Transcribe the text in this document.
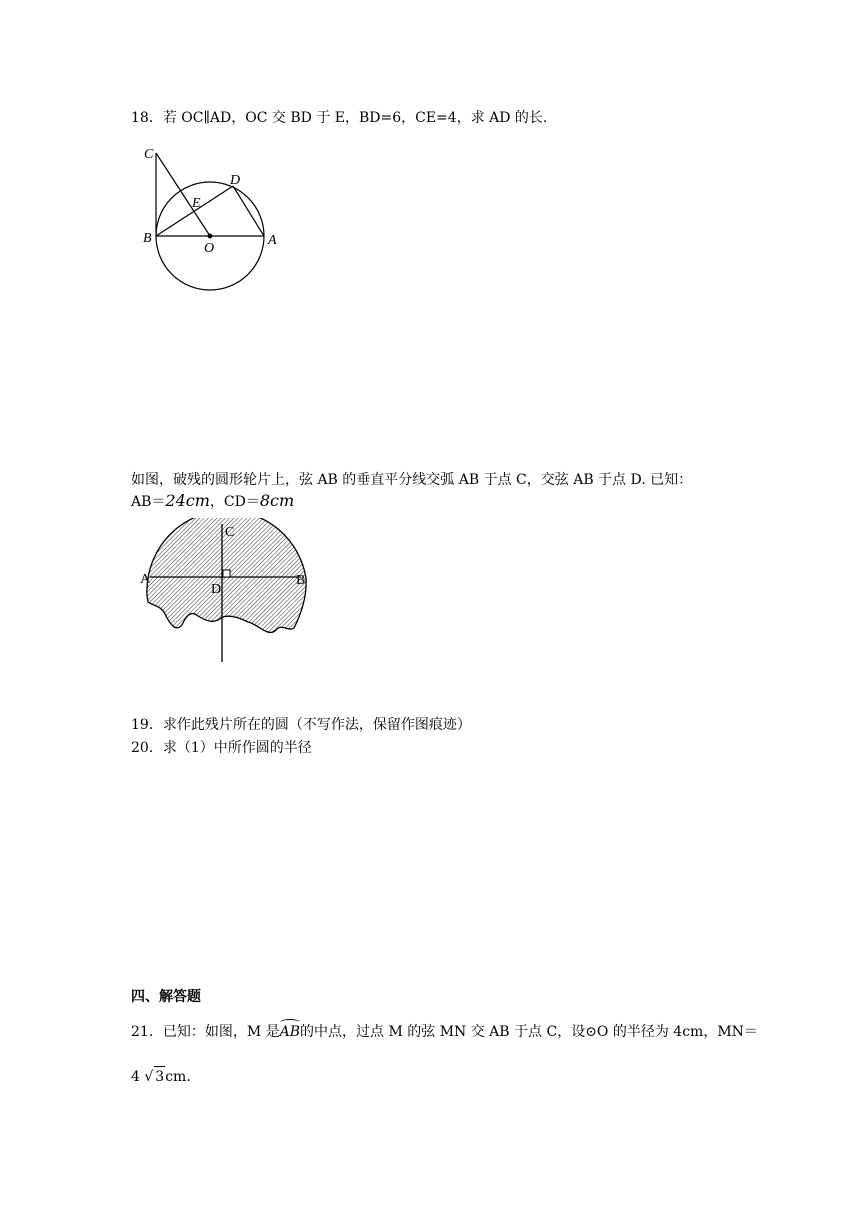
18．若 OC∥AD，OC 交 BD 于 E，BD=6，CE=4，求 AD 的长.
C
D
E
B
O
A
如图，破残的圆形轮片上，弦 AB 的垂直平分线交弧 AB 于点 C，交弦 AB 于点 D. 已知：
AB＝24cm，CD＝8cm
C
A	B
D
19．求作此残片所在的圆（不写作法，保留作图痕迹）
20．求（1）中所作圆的半径
四、解答题
21．已知：如图，M 是AB的中点，过点 M 的弦 MN 交 AB 于点 C，设⊙O 的半径为 4cm，MN＝
4 √ 3cm.
